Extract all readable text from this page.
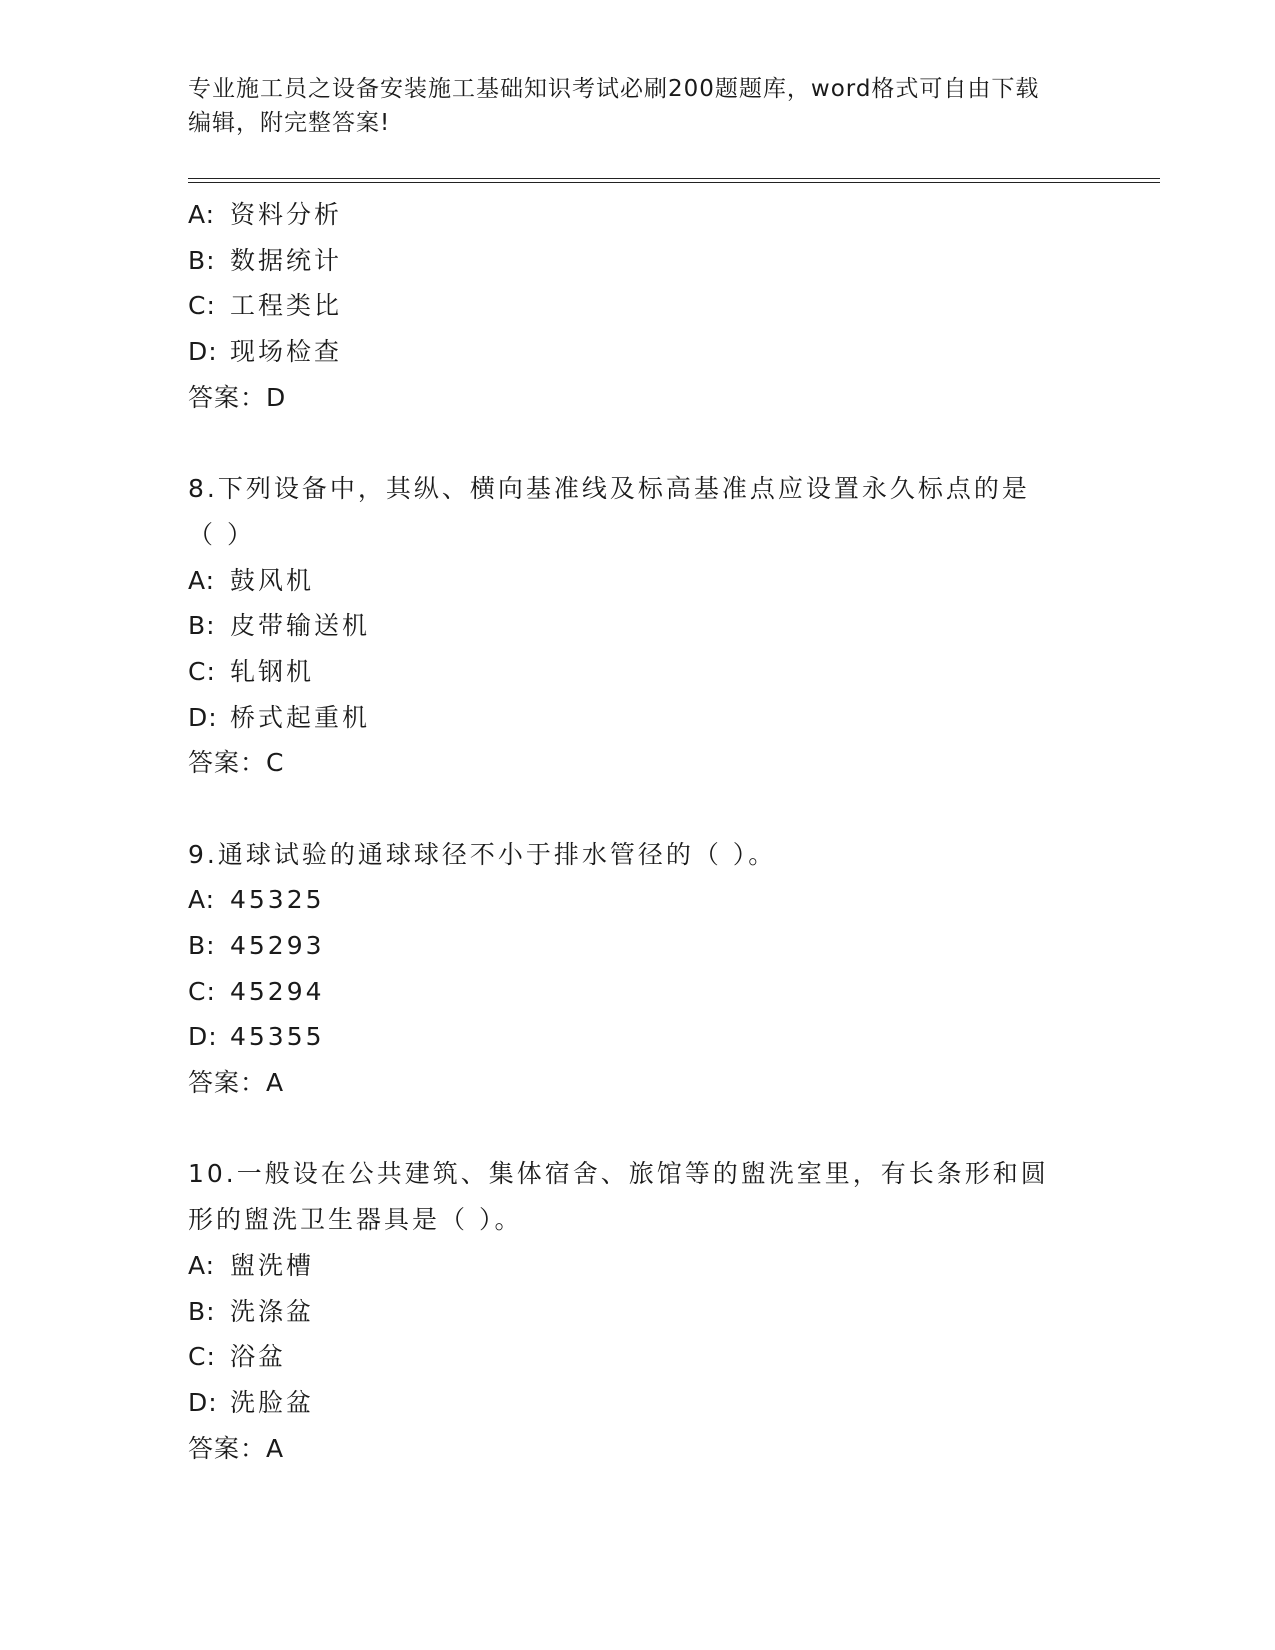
专业施工员之设备安装施工基础知识考试必刷200题题库，word格式可自由下载
编辑，附完整答案!
A: 资料分析
B: 数据统计
C: 工程类比
D: 现场检查
答案：D
8.下列设备中，其纵、横向基准线及标高基准点应设置永久标点的是
（ ）
A: 鼓风机
B: 皮带输送机
C: 轧钢机
D: 桥式起重机
答案：C
9.通球试验的通球球径不小于排水管径的（ ）。
A: 45325
B: 45293
C: 45294
D: 45355
答案：A
10.一般设在公共建筑、集体宿舍、旅馆等的盥洗室里，有长条形和圆
形的盥洗卫生器具是（ ）。
A: 盥洗槽
B: 洗涤盆
C: 浴盆
D: 洗脸盆
答案：A
